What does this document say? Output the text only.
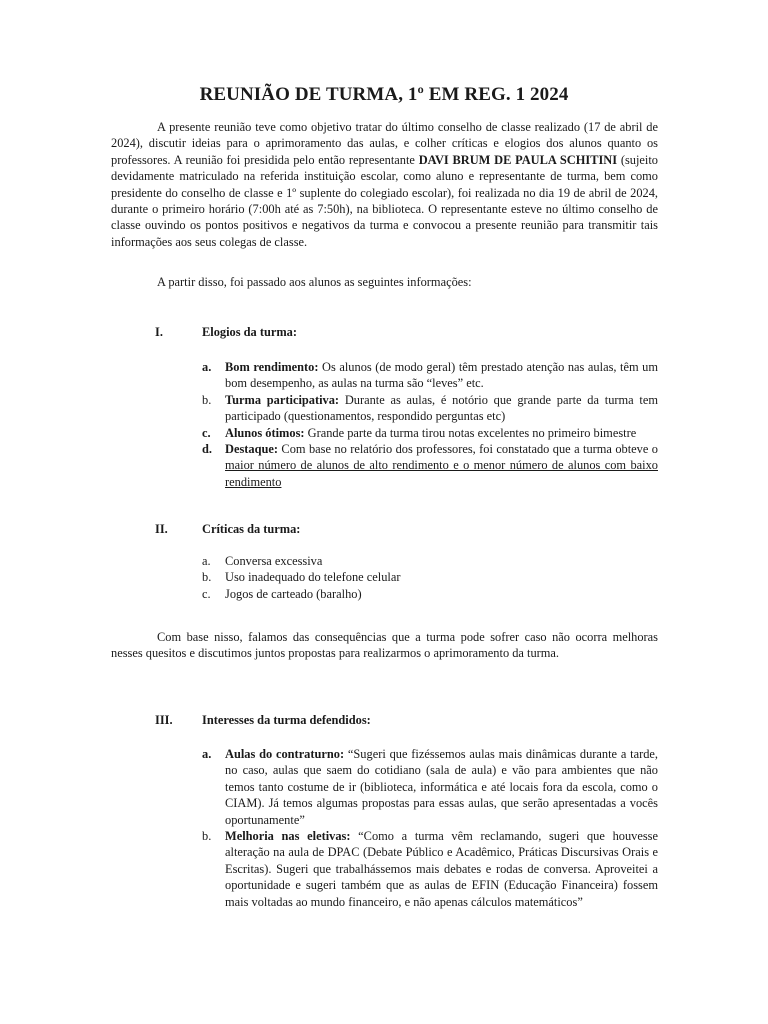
REUNIÃO DE TURMA, 1º EM REG. 1 2024

A presente reunião teve como objetivo tratar do último conselho de classe realizado (17 de abril de 2024), discutir ideias para o aprimoramento das aulas, e colher críticas e elogios dos alunos quanto os professores. A reunião foi presidida pelo então representante DAVI BRUM DE PAULA SCHITINI (sujeito devidamente matriculado na referida instituição escolar, como aluno e representante de turma, bem como presidente do conselho de classe e 1º suplente do colegiado escolar), foi realizada no dia 19 de abril de 2024, durante o primeiro horário (7:00h até as 7:50h), na biblioteca. O representante esteve no último conselho de classe ouvindo os pontos positivos e negativos da turma e convocou a presente reunião para transmitir tais informações aos seus colegas de classe.

A partir disso, foi passado aos alunos as seguintes informações:

I.	Elogios da turma:
a. Bom rendimento: Os alunos (de modo geral) têm prestado atenção nas aulas, têm um bom desempenho, as aulas na turma são “leves” etc.
b. Turma participativa: Durante as aulas, é notório que grande parte da turma tem participado (questionamentos, respondido perguntas etc)
c. Alunos ótimos: Grande parte da turma tirou notas excelentes no primeiro bimestre
d. Destaque: Com base no relatório dos professores, foi constatado que a turma obteve o maior número de alunos de alto rendimento e o menor número de alunos com baixo rendimento
II.	Críticas da turma:
a. Conversa excessiva
b. Uso inadequado do telefone celular
c. Jogos de carteado (baralho)

Com base nisso, falamos das consequências que a turma pode sofrer caso não ocorra melhoras nesses quesitos e discutimos juntos propostas para realizarmos o aprimoramento da turma.

III. Interesses da turma defendidos:
a. Aulas do contraturno: “Sugeri que fizéssemos aulas mais dinâmicas durante a tarde, no caso, aulas que saem do cotidiano (sala de aula) e vão para ambientes que não temos tanto costume de ir (biblioteca, informática e até locais fora da escola, como o CIAM). Já temos algumas propostas para essas aulas, que serão apresentadas a vocês oportunamente”
b. Melhoria nas eletivas: “Como a turma vêm reclamando, sugeri que houvesse alteração na aula de DPAC (Debate Público e Acadêmico, Práticas Discursivas Orais e Escritas). Sugeri que trabalhássemos mais debates e rodas de conversa. Aproveitei a oportunidade e sugeri também que as aulas de EFIN (Educação Financeira) fossem mais voltadas ao mundo financeiro, e não apenas cálculos matemáticos”
